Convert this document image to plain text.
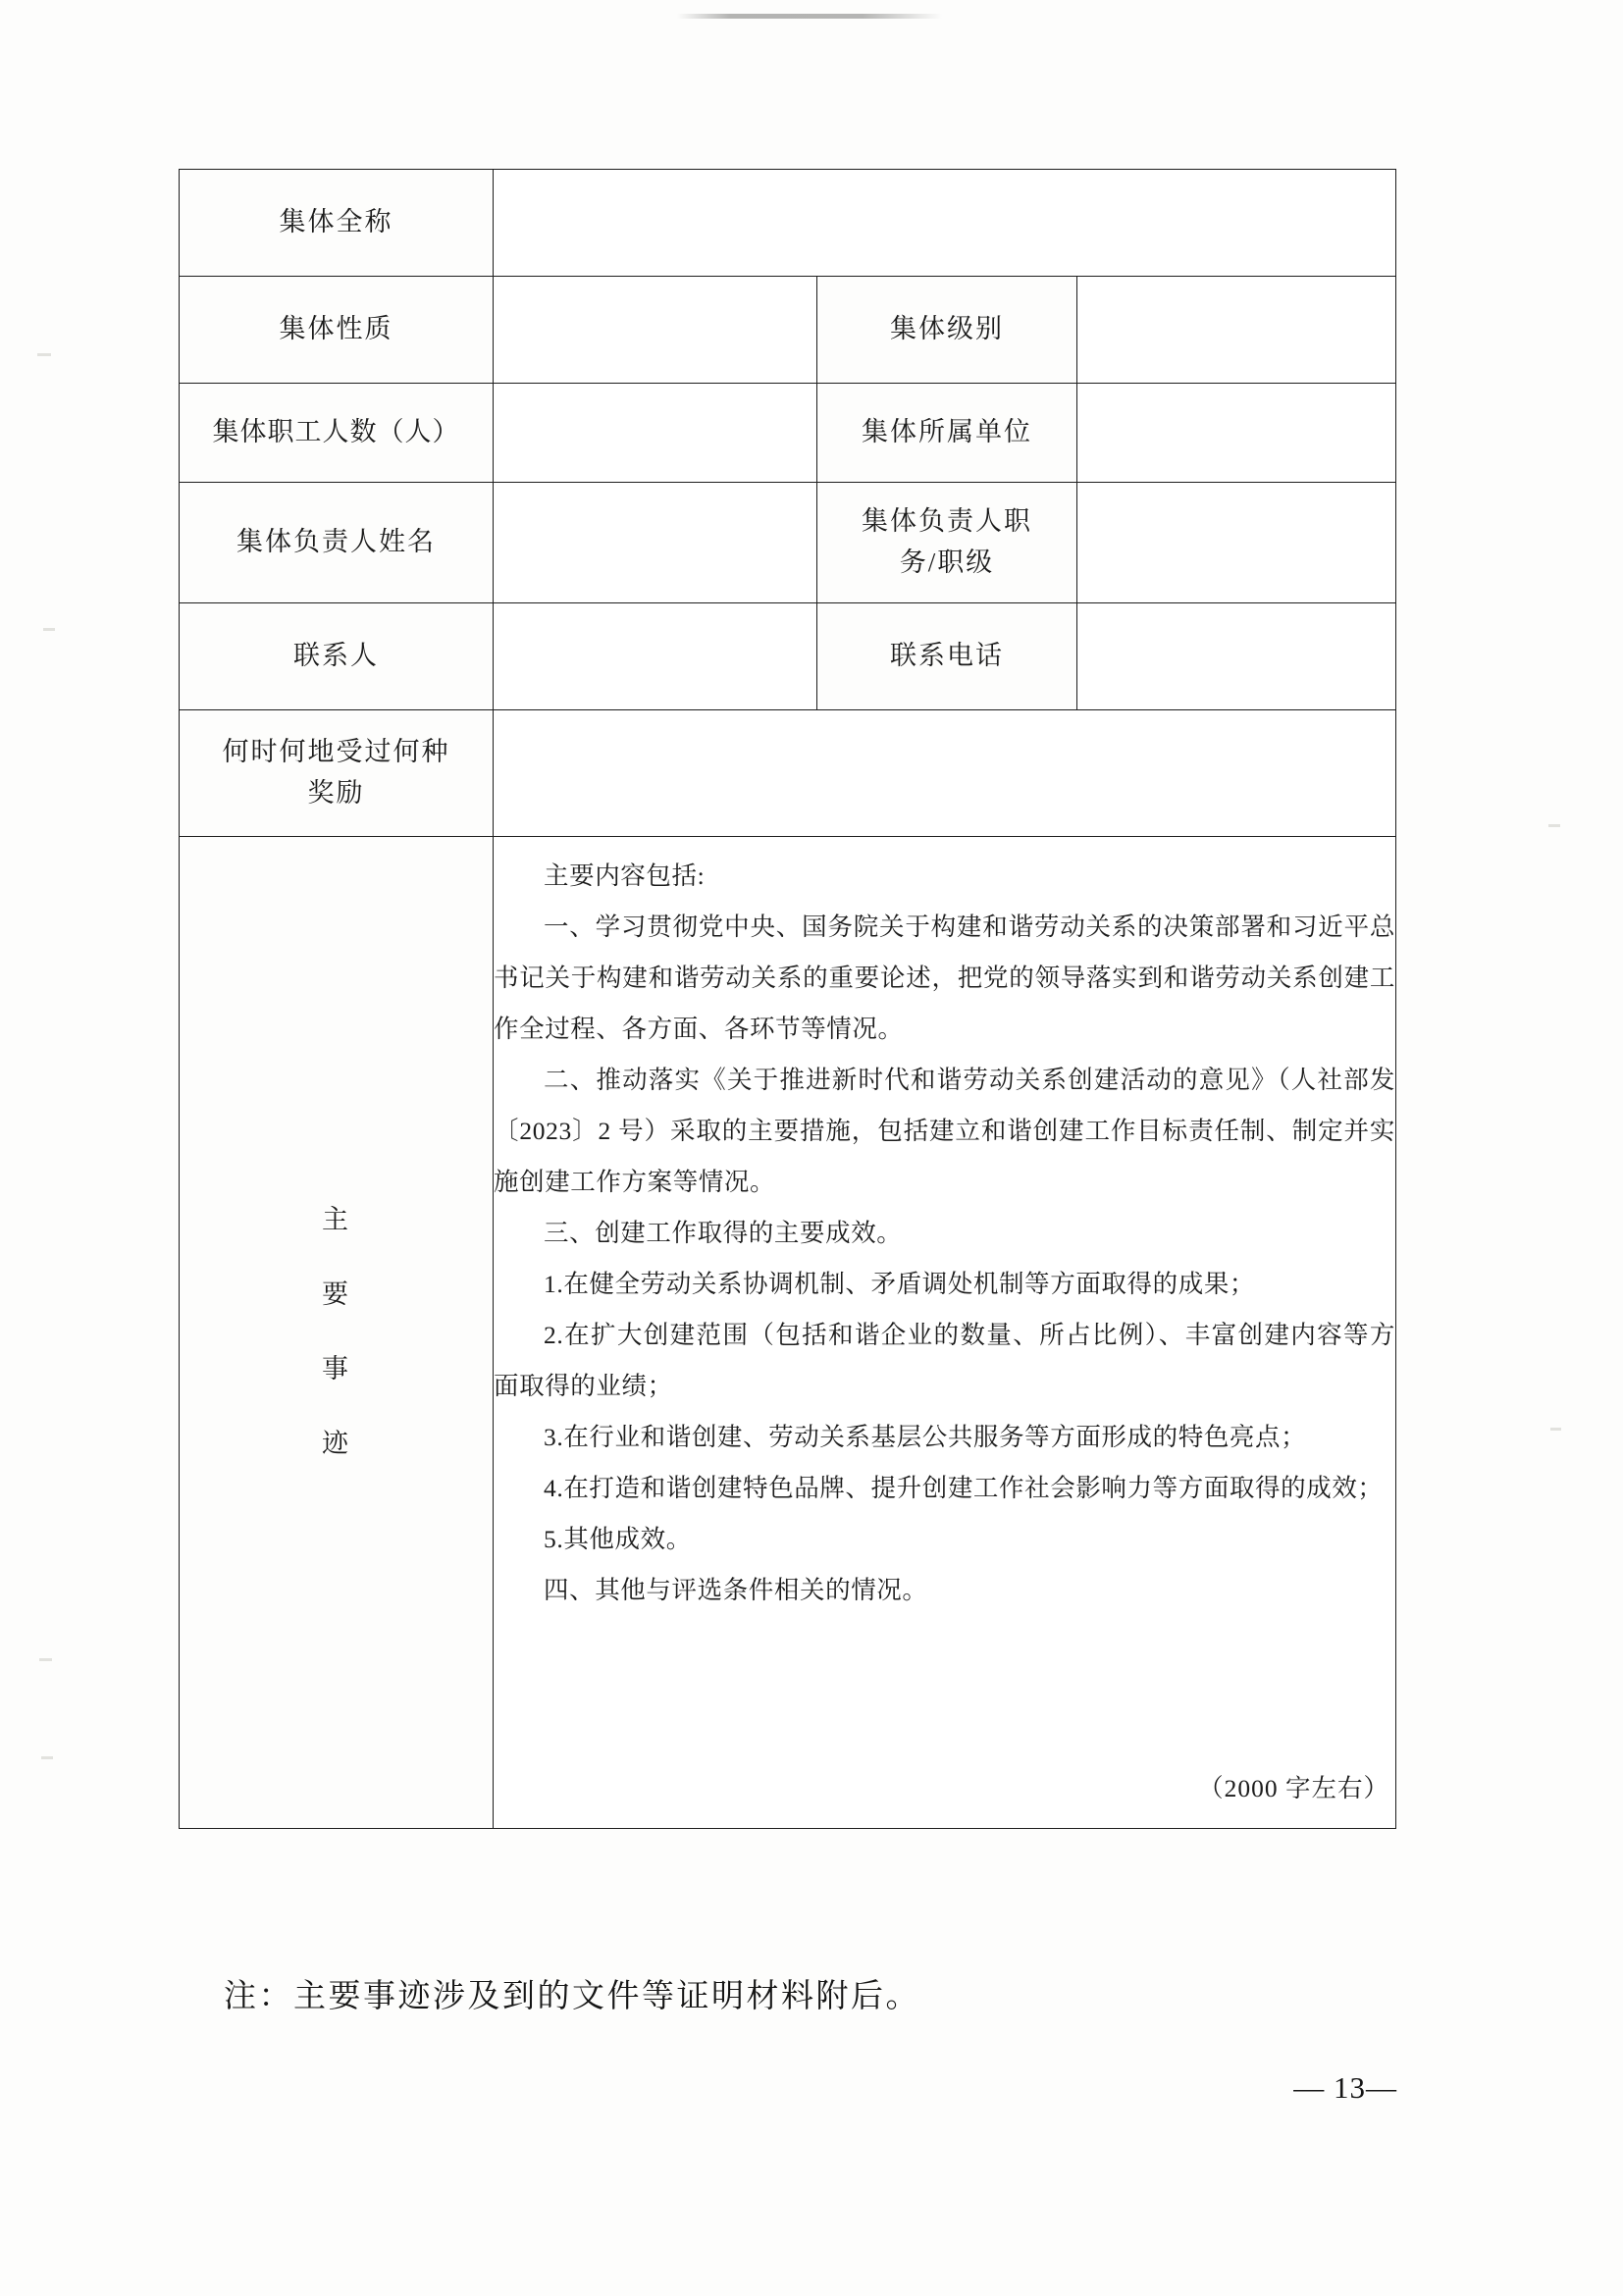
集体全称			
集体性质		集体级别	
集体职工人数（人）		集体所属单位	
集体负责人姓名		集体负责人职
务/职级	
联系人		联系电话	
何时何地受过何种
奖励			

主
要
事
迹

主要内容包括:

一、学习贯彻党中央、国务院关于构建和谐劳动关系的决策部署和习近平总书记关于构建和谐劳动关系的重要论述，把党的领导落实到和谐劳动关系创建工作全过程、各方面、各环节等情况。

二、推动落实《关于推进新时代和谐劳动关系创建活动的意见》（人社部发〔2023〕2 号）采取的主要措施，包括建立和谐创建工作目标责任制、制定并实施创建工作方案等情况。

三、创建工作取得的主要成效。

1.在健全劳动关系协调机制、矛盾调处机制等方面取得的成果；

2.在扩大创建范围（包括和谐企业的数量、所占比例）、丰富创建内容等方面取得的业绩；

3.在行业和谐创建、劳动关系基层公共服务等方面形成的特色亮点；

4.在打造和谐创建特色品牌、提升创建工作社会影响力等方面取得的成效；

5.其他成效。

四、其他与评选条件相关的情况。

（2000 字左右）
注：主要事迹涉及到的文件等证明材料附后。
— 13—
